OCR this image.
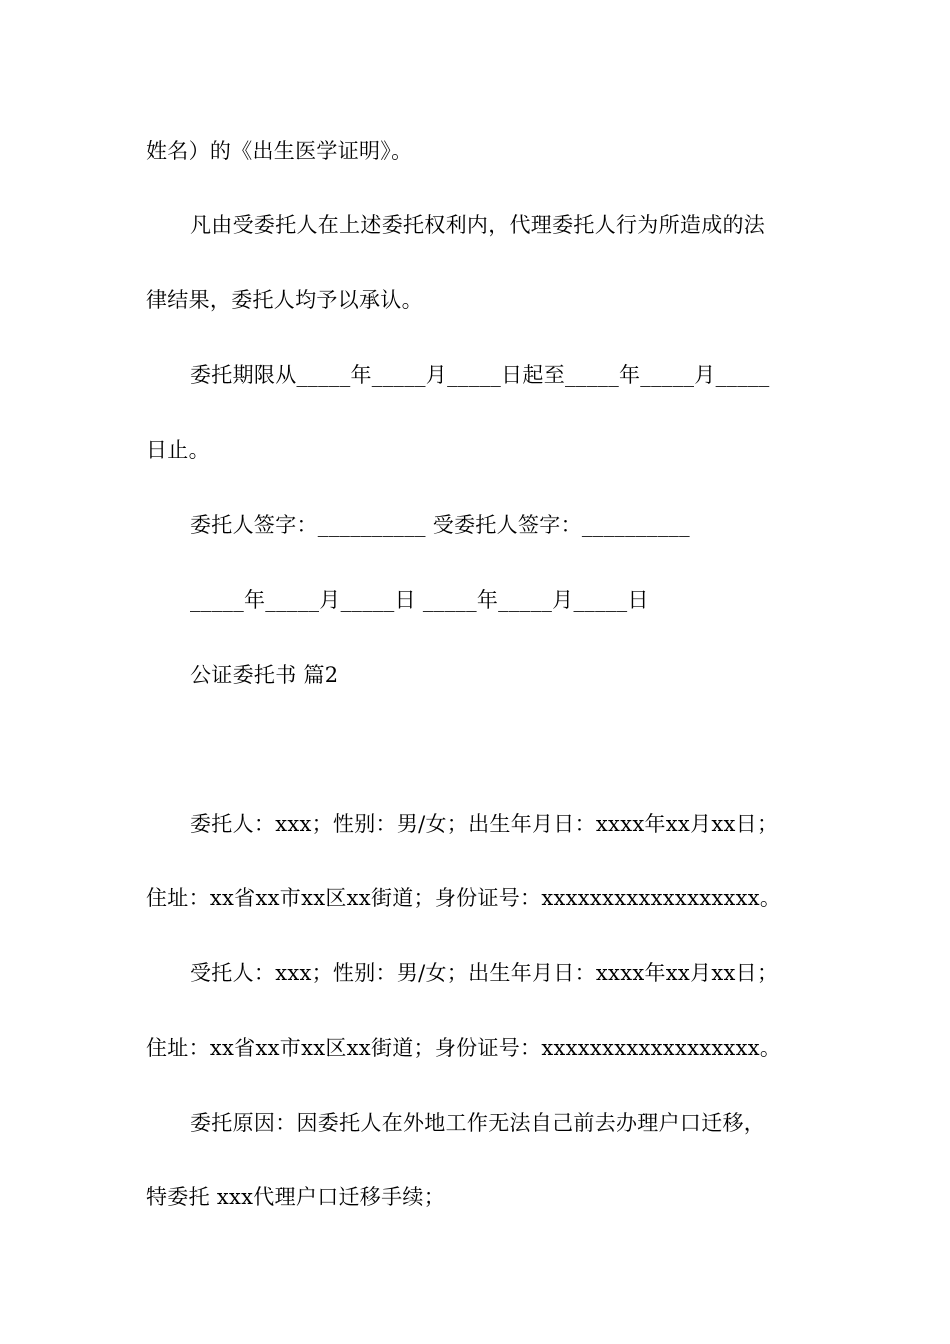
姓名）的《出生医学证明》。
凡由受委托人在上述委托权利内，代理委托人行为所造成的法
律结果，委托人均予以承认。
委托期限从_____年_____月_____日起至_____年_____月_____
日止。
委托人签字：__________ 受委托人签字：__________
_____年_____月_____日 _____年_____月_____日
公证委托书 篇2
委托人：xxx；性别：男/女；出生年月日：xxxx年xx月xx日；
住址：xx省xx市xx区xx街道；身份证号：xxxxxxxxxxxxxxxxxx。
受托人：xxx；性别：男/女；出生年月日：xxxx年xx月xx日；
住址：xx省xx市xx区xx街道；身份证号：xxxxxxxxxxxxxxxxxx。
委托原因：因委托人在外地工作无法自己前去办理户口迁移，
特委托 xxx代理户口迁移手续；
